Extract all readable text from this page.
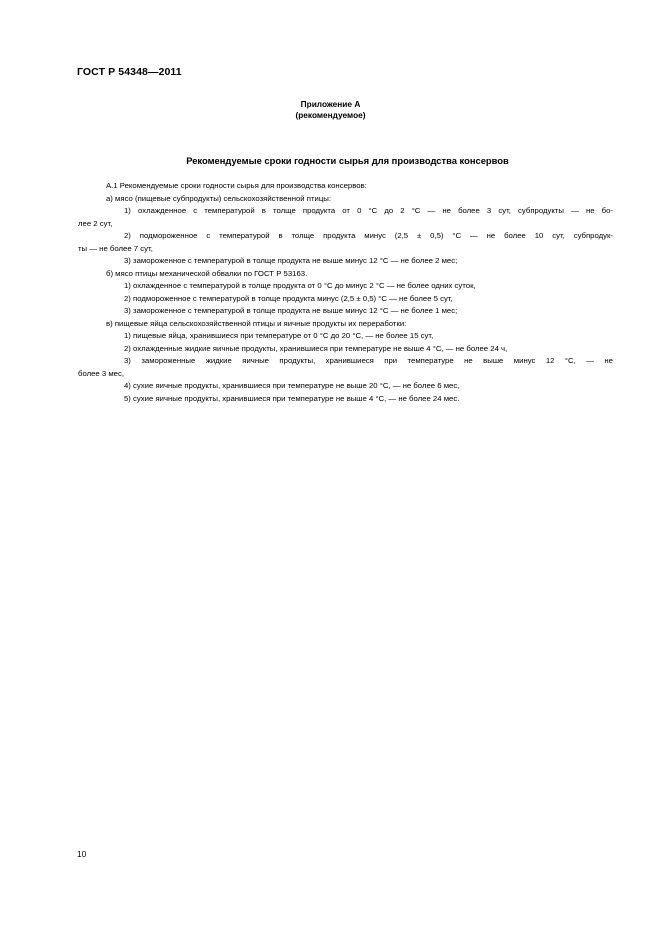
ГОСТ Р 54348—2011
Приложение А
(рекомендуемое)
Рекомендуемые сроки годности сырья для производства консервов
А.1 Рекомендуемые сроки годности сырья для производства консервов:
а) мясо (пищевые субпродукты) сельскохозяйственной птицы:
1) охлажденное с температурой в толще продукта от 0 °С до 2 °С — не более 3 сут, субпродукты — не бо-
лее 2 сут,
2) подмороженное с температурой в толще продукта минус (2,5 ± 0,5) °С — не более 10 сут, субпродук-
ты — не более 7 сут,
3) замороженное с температурой в толще продукта не выше минус 12 °С — не более 2 мес;
б) мясо птицы механической обвалки по ГОСТ Р 53163.
1) охлажденное с температурой в толще продукта от 0 °С до минус 2 °С — не более одних суток,
2) подмороженное с температурой в толще продукта минус (2,5 ± 0,5) °С — не более 5 сут,
3) замороженное с температурой в толще продукта не выше минус 12 °С — не более 1 мес;
в) пищевые яйца сельскохозяйственной птицы и яичные продукты их переработки:
1) пищевые яйца, хранившиеся при температуре от 0 °С до 20 °С, — не более 15 сут,
2) охлажденные жидкие яичные продукты, хранившиеся при температуре не выше 4 °С, — не более 24 ч,
3) замороженные жидкие яичные продукты, хранившиеся при температуре не выше минус 12 °С, — не
более 3 мес,
4) сухие яичные продукты, хранившиеся при температуре не выше 20 °С, — не более 6 мес,
5) сухие яичные продукты, хранившиеся при температуре не выше 4 °С, — не более 24 мес.
10
